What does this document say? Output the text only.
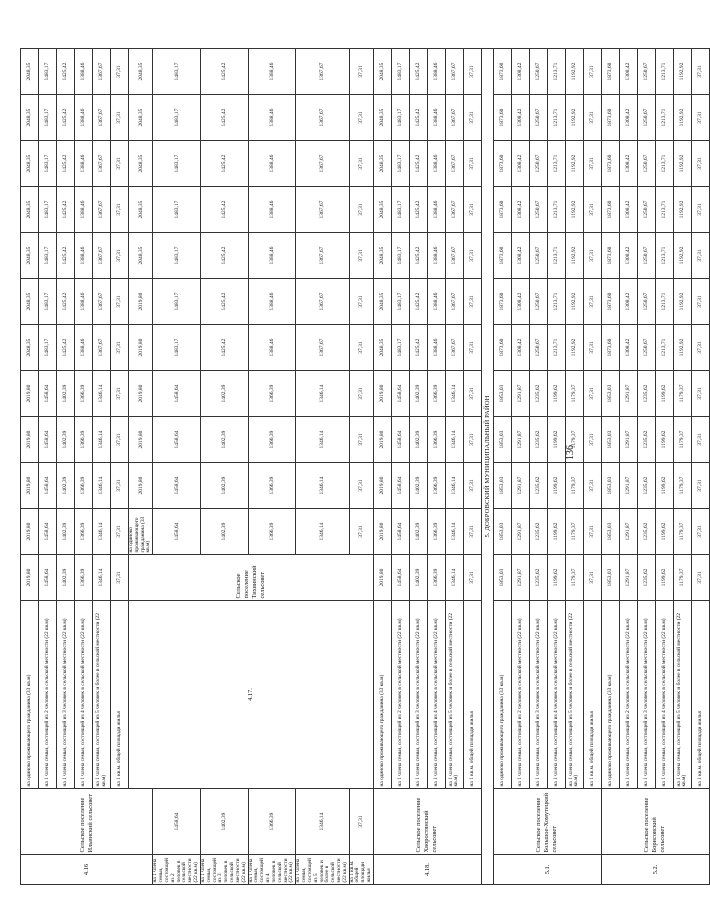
4.16	Сельское поселение Ильинский сельсовет	на одиноко проживающего гражданина (33 кв.м)	2019,80	2019,80	2019,80	2019,80	2019,80	2048,35	2048,35	2048,35	2048,35	2048,35	2048,35	2048,35	
		на 1 члена семьи, состоящей из 2 человек в сельской местности (22 кв.м)	1458,64	1458,64	1458,64	1458,64	1458,64	1483,17	1483,17	1483,17	1483,17	1483,17	1483,17	1483,17	
		на 1 члена семьи, состоящей из 3 человек в сельской местности (22 кв.м)	1402,39	1402,39	1402,39	1402,39	1402,39	1425,42	1425,42	1425,42	1425,42	1425,42	1425,42	1425,42	
		на 1 члена семьи, состоящей из 4 человек в сельской местности (22 кв.м)	1366,39	1366,39	1366,39	1366,39	1366,39	1388,46	1388,46	1388,46	1388,46	1388,46	1388,46	1388,46	
		на 1 члена семьи, состоящей из 5 человек и более в сельской местности (22 кв.м)	1346,14	1346,14	1346,14	1346,14	1346,14	1367,67	1367,67	1367,67	1367,67	1367,67	1367,67	1367,67	
		на 1 кв.м. общей площади жилья	37,31	37,31	37,31	37,31	37,31	37,31	37,31	37,31	37,31	37,31	37,31	37,31	
		4.17.	Сельское поселение Тихвинский сельсовет	на одиноко проживающего гражданина (33 кв.м)	2019,80	2019,80	2019,80	2019,80	2019,80	2048,35	2048,35	2048,35	2048,35	2048,35		
на 1 члена семьи, состоящей из 2 человек в сельской местности (22 кв.м)	1458,64			1458,64	1458,64	1458,64	1458,64	1483,17	1483,17	1483,17	1483,17	1483,17	1483,17	1483,17	
на 1 члена семьи, состоящей из 3 человек в сельской местности (22 кв.м)	1402,39			1402,39	1402,39	1402,39	1402,39	1425,42	1425,42	1425,42	1425,42	1425,42	1425,42	1425,42	
на 1 члена семьи, состоящей из 4 человек в сельской местности (22 кв.м)	1366,39			1366,39	1366,39	1366,39	1366,39	1388,46	1388,46	1388,46	1388,46	1388,46	1388,46	1388,46	
на 1 члена семьи, состоящей из 5 человек и более в сельской местности (22 кв.м)	1346,14			1346,14	1346,14	1346,14	1346,14	1367,67	1367,67	1367,67	1367,67	1367,67	1367,67	1367,67	
на 1 кв.м. общей площади жилья	37,31			37,31	37,31	37,31	37,31	37,31	37,31	37,31	37,31	37,31	37,31	37,31	
4.18.	Сельское поселение Хворостянский сельсовет	на одиноко проживающего гражданина (33 кв.м)	2019,80	2019,80	2019,80	2019,80	2019,80	2048,35	2048,35	2048,35	2048,35	2048,35	2048,35	2048,35	
		на 1 члена семьи, состоящей из 2 человек в сельской местности (22 кв.м)	1458,64	1458,64	1458,64	1458,64	1458,64	1483,17	1483,17	1483,17	1483,17	1483,17	1483,17	1483,17	
		на 1 члена семьи, состоящей из 3 человек в сельской местности (22 кв.м)	1402,39	1402,39	1402,39	1402,39	1402,39	1425,42	1425,42	1425,42	1425,42	1425,42	1425,42	1425,42	
		на 1 члена семьи, состоящей из 4 человек в сельской местности (22 кв.м)	1366,39	1366,39	1366,39	1366,39	1366,39	1388,46	1388,46	1388,46	1388,46	1388,46	1388,46	1388,46	
		на 1 члена семьи, состоящей из 5 человек и более в сельской местности (22 кв.м)	1346,14	1346,14	1346,14	1346,14	1346,14	1367,67	1367,67	1367,67	1367,67	1367,67	1367,67	1367,67	
		на 1 кв.м. общей площади жилья	37,31	37,31	37,31	37,31	37,31	37,31	37,31	37,31	37,31	37,31	37,31	37,31	
5. ДОБРОВСКИЙ МУНИЦИПАЛЬНЫЙ РАЙОН															
5.1.	Сельское поселение Большое-Хомутецкий сельсовет	на одиноко проживающего гражданина (33 кв.м)	1853,03	1853,03	1853,03	1853,03	1853,03	1873,60	1873,60	1873,60	1873,60	1873,60	1873,60	1873,60	
		на 1 члена семьи, состоящей из 2 человек в сельской местности (22 кв.м)	1291,87	1291,87	1291,87	1291,87	1291,87	1308,42	1308,42	1308,42	1308,42	1308,42	1308,42	1308,42	
		на 1 члена семьи, состоящей из 3 человек в сельской местности (22 кв.м)	1235,62	1235,62	1235,62	1235,62	1235,62	1250,67	1250,67	1250,67	1250,67	1250,67	1250,67	1250,67	
		на 1 члена семьи, состоящей из 4 человек в сельской местности (22 кв.м)	1199,62	1199,62	1199,62	1199,62	1199,62	1213,71	1213,71	1213,71	1213,71	1213,71	1213,71	1213,71	
		на 1 члена семьи, состоящей из 5 человек и более в сельской местности (22 кв.м)	1179,37	1179,37	1179,37	1179,37	1179,37	1192,92	1192,92	1192,92	1192,92	1192,92	1192,92	1192,92	
		на 1 кв.м. общей площади жилья	37,31	37,31	37,31	37,31	37,31	37,31	37,31	37,31	37,31	37,31	37,31	37,31	
5.2.	Сельское поселение Борисовский сельсовет	на одиноко проживающего гражданина (33 кв.м)	1853,03	1853,03	1853,03	1853,03	1853,03	1873,60	1873,60	1873,60	1873,60	1873,60	1873,60	1873,60	
		на 1 члена семьи, состоящей из 2 человек в сельской местности (22 кв.м)	1291,87	1291,87	1291,87	1291,87	1291,87	1308,42	1308,42	1308,42	1308,42	1308,42	1308,42	1308,42	
		на 1 члена семьи, состоящей из 3 человек в сельской местности (22 кв.м)	1235,62	1235,62	1235,62	1235,62	1235,62	1250,67	1250,67	1250,67	1250,67	1250,67	1250,67	1250,67	
		на 1 члена семьи, состоящей из 4 человек в сельской местности (22 кв.м)	1199,62	1199,62	1199,62	1199,62	1199,62	1213,71	1213,71	1213,71	1213,71	1213,71	1213,71	1213,71	
		на 1 члена семьи, состоящей из 5 человек и более в сельской местности (22 кв.м)	1179,37	1179,37	1179,37	1179,37	1179,37	1192,92	1192,92	1192,92	1192,92	1192,92	1192,92	1192,92	
		на 1 кв.м. общей площади жилья	37,31	37,31	37,31	37,31	37,31	37,31	37,31	37,31	37,31	37,31	37,31	37,31	
136
